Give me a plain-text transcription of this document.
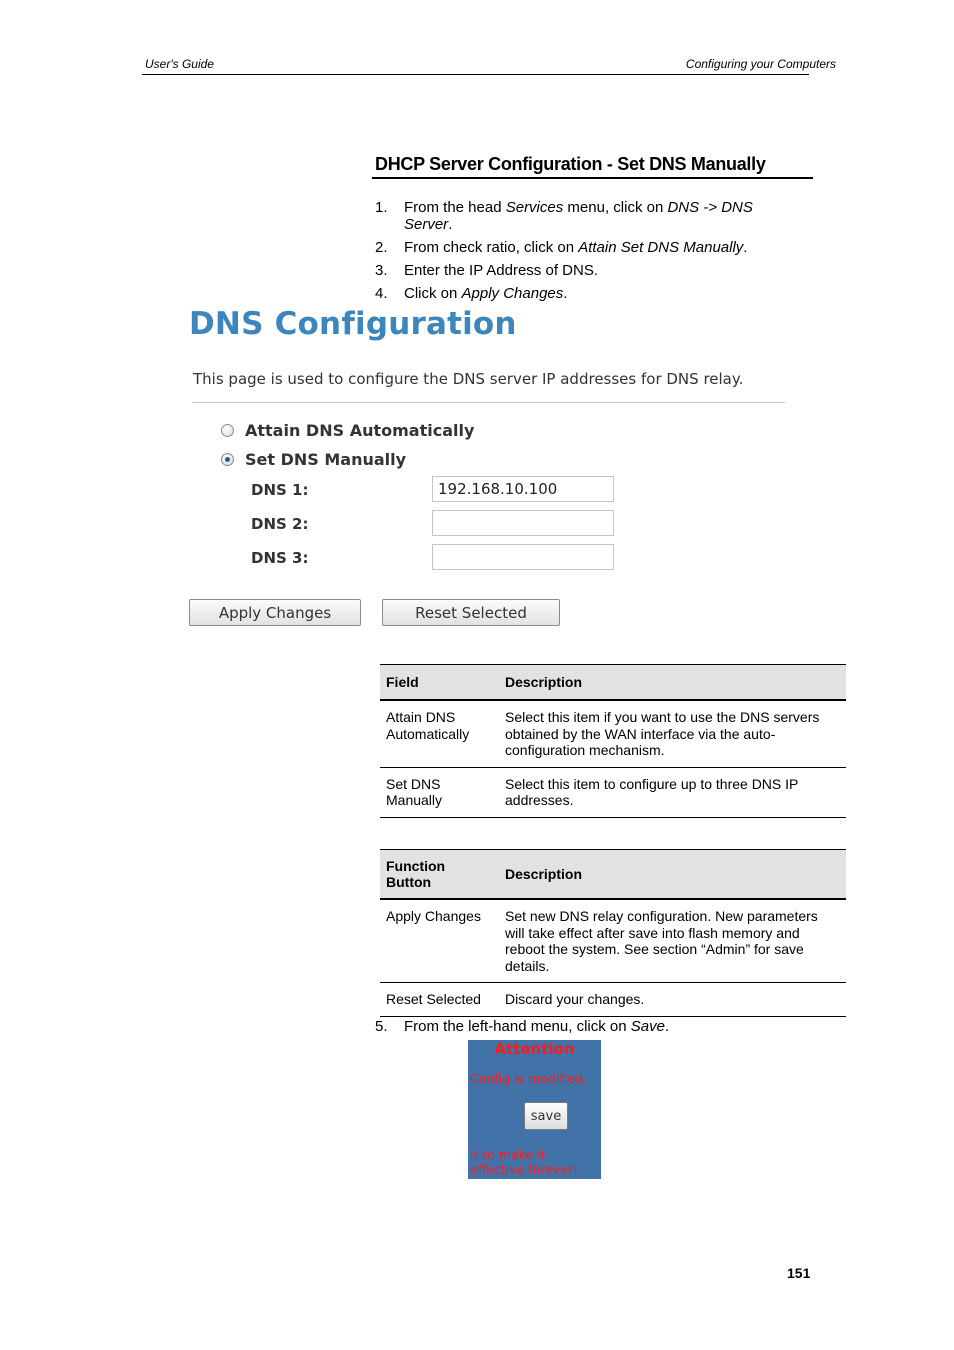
User's Guide	Configuring your Computers
DHCP Server Configuration - Set DNS Manually
1. From the head Services menu, click on DNS -> DNS Server.
2. From check ratio, click on Attain Set DNS Manually.
3. Enter the IP Address of DNS.
4. Click on Apply Changes.
DNS Configuration
This page is used to configure the DNS server IP addresses for DNS relay.
Attain DNS Automatically
Set DNS Manually
DNS 1:
192.168.10.100
DNS 2:
DNS 3:
Apply Changes	Reset Selected
Field	Description
Attain DNS Automatically	Select this item if you want to use the DNS servers obtained by the WAN interface via the auto-configuration mechanism.
Set DNS Manually	Select this item to configure up to three DNS IP addresses.
Function Button	Description
Apply Changes	Set new DNS relay configuration. New parameters will take effect after save into flash memory and reboot the system. See section “Admin” for save details.
Reset Selected	Discard your changes.
5. From the left-hand menu, click on Save.
Attention
Config is modified,
save
it to make it
effective forever!
151
